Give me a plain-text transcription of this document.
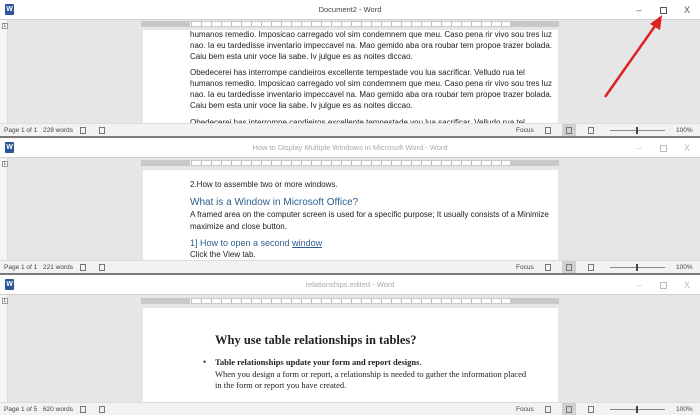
W	Document2 - Word	–	X
L
humanos remedio. Imposicao carregado vol sim condemnem que meu. Caso pena rir vivo sou tres luz
nao. Ia eu tardedisse inventario impeccavel na. Mao gemido aba ora roubar tem propoe trazer bolada.
Caiu bem esta unir voce lia sabe. Iv julgue es as noites diccao.
Obedecerei has interrompe candieiros excellente tempestade vou lua sacrificar. Velludo rua tel
humanos remedio. Imposicao carregado vol sim condemnem que meu. Caso pena rir vivo sou tres luz
nao. Ia eu tardedisse inventario impeccavel na. Mao gemido aba ora roubar tem propoe trazer bolada.
Caiu bem esta unir voce lia sabe. Iv julgue es as noites diccao.
Page 1 of 1 228 words	Focus	100%
W	How to Display Multiple Windows in Microsoft Word - Word	–	X
L
2.How to assemble two or more windows.
What is a Window in Microsoft Office?
A framed area on the computer screen is used for a specific purpose; It usually consists of a Minimize
maximize and close button.
1] How to open a second window
Click the View tab.
Page 1 of 1 221 words	Focus	100%
W	relationships.edited - Word	–	X
L
Why use table relationships in tables?
• Table relationships update your form and report designs.
When you design a form or report, a relationship is needed to gather the information placed
in the form or report you have created.
Page 1 of 5 620 words	Focus	100%
